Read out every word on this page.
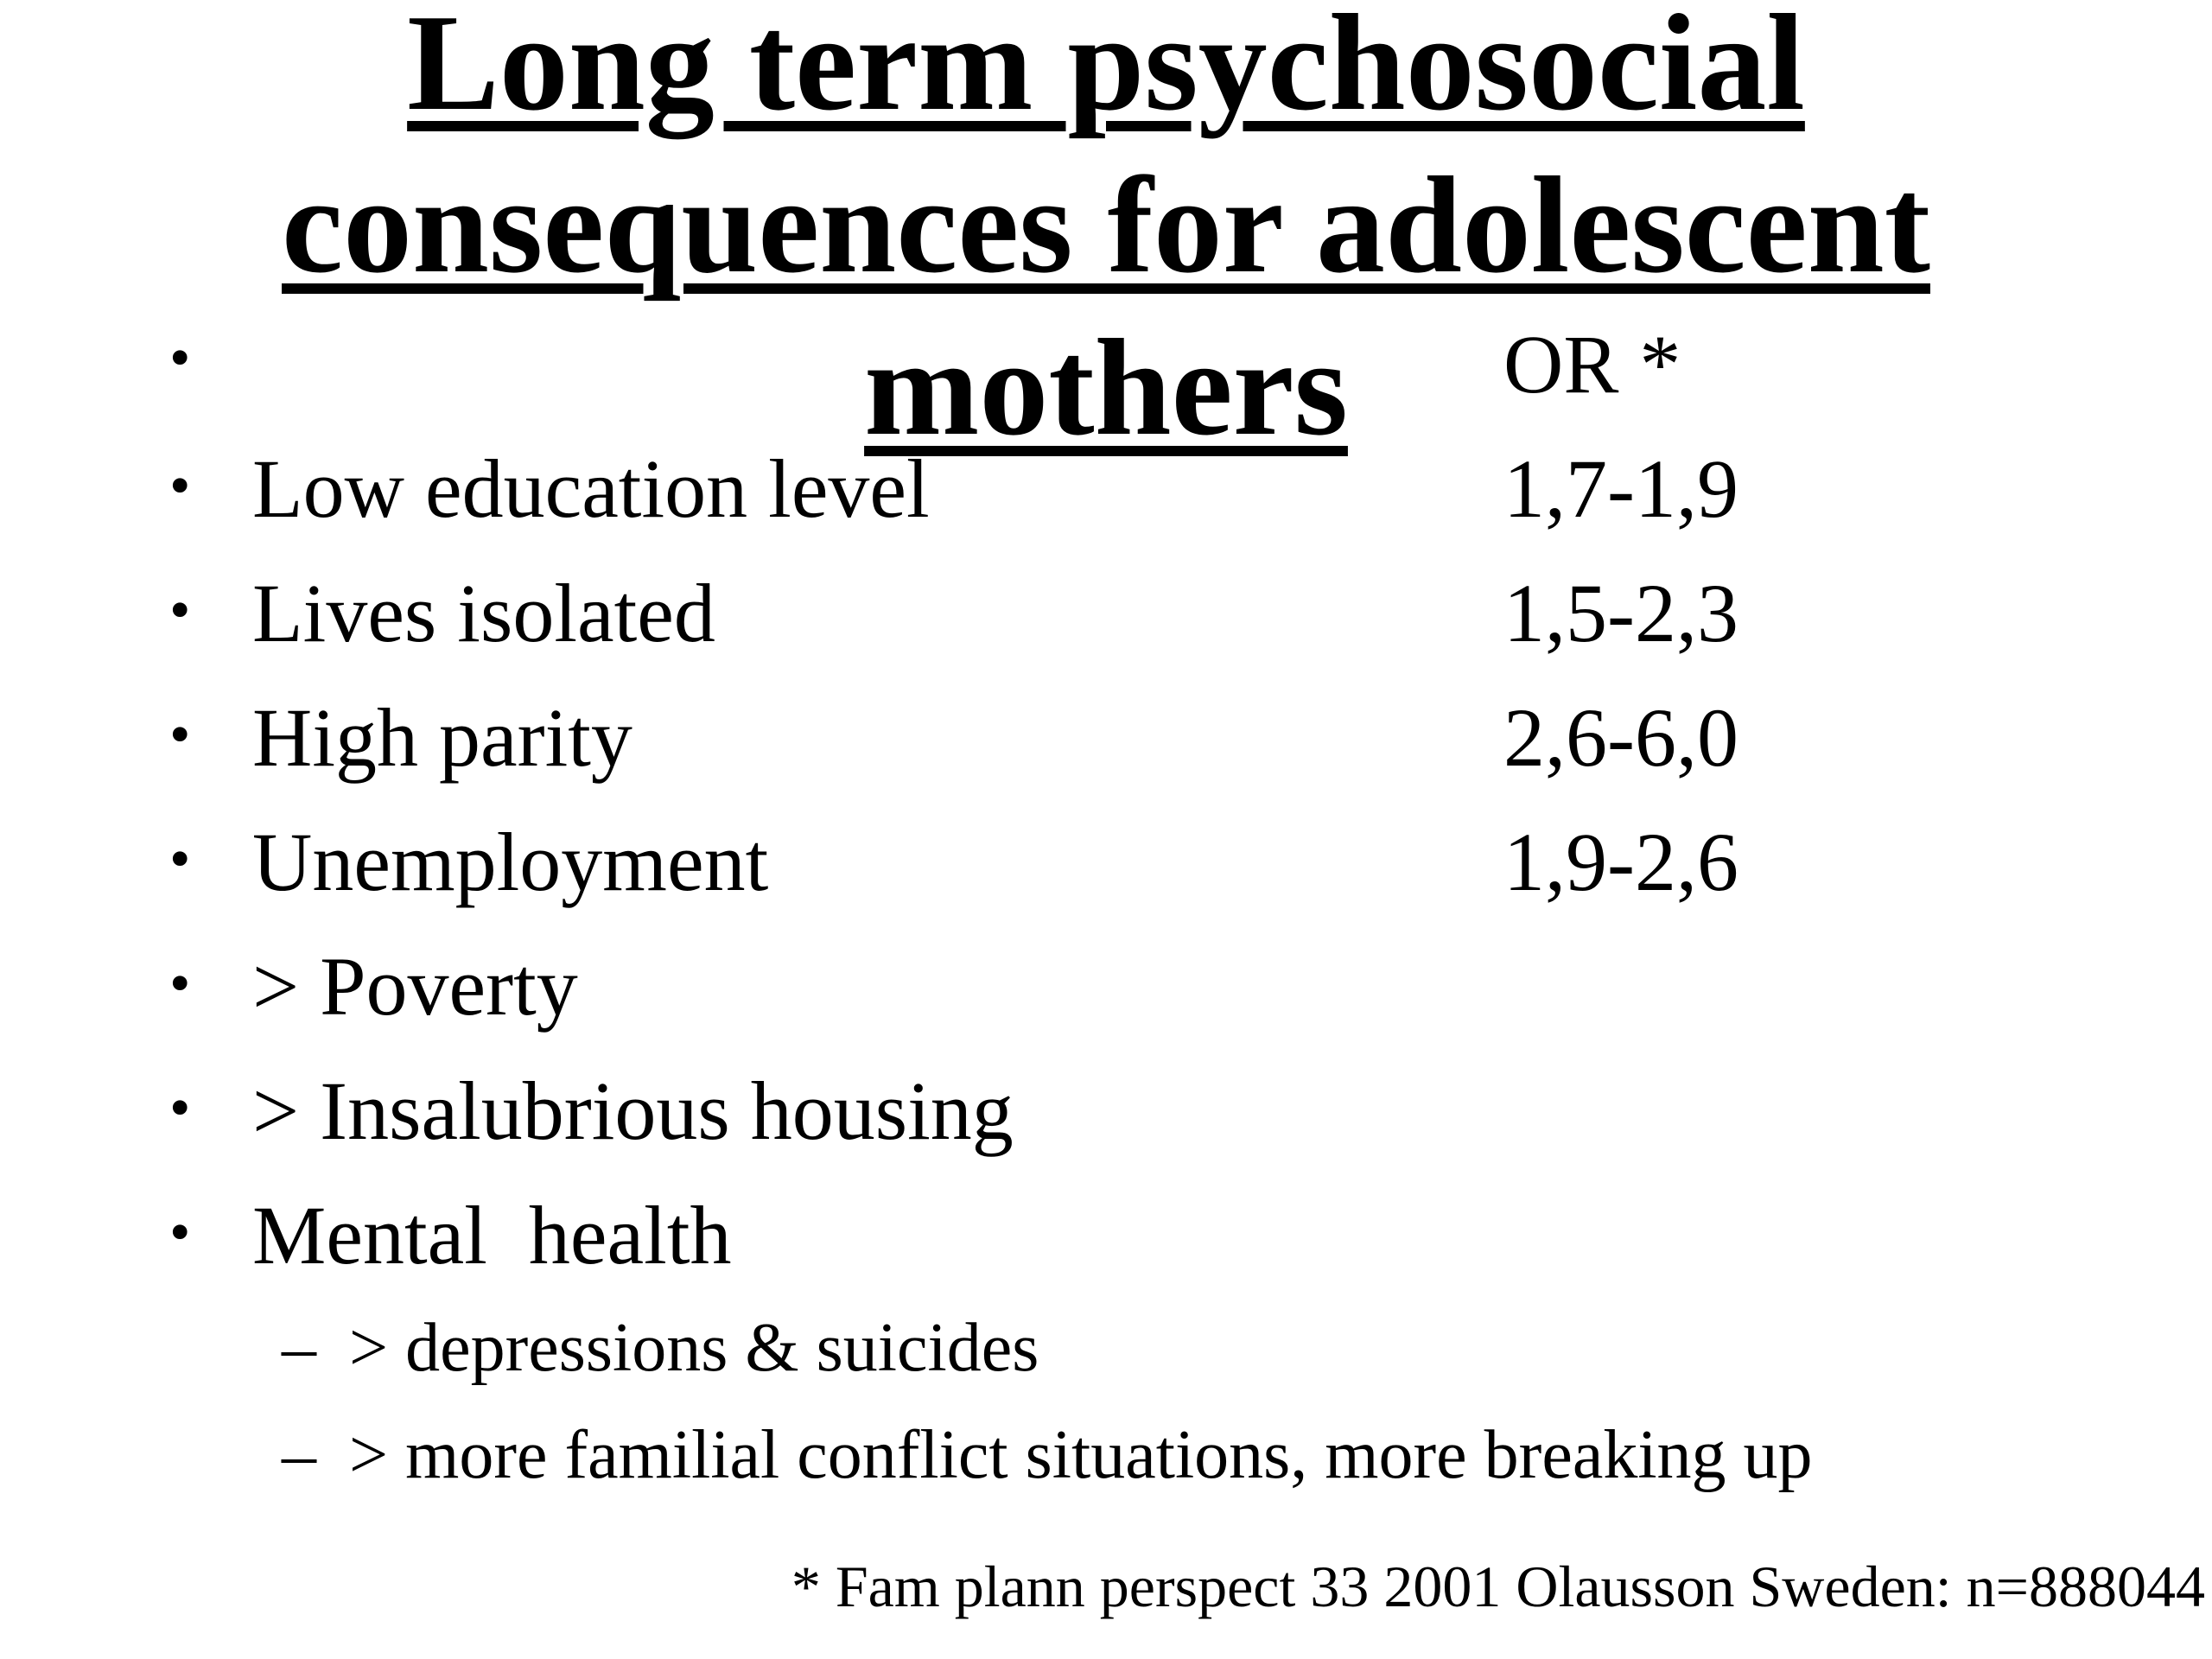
Long term psychosocial
consequences for adolescent
mothers
•	OR *
• Low education level	1,7-1,9
• Lives isolated	1,5-2,3
• High parity	2,6-6,0
• Unemployment	1,9-2,6
• > Poverty
• > Insalubrious housing
• Mental  health
– > depressions & suicides
– > more familial conflict situations, more breaking up
* Fam plann perspect 33 2001 Olausson Sweden: n=888044
